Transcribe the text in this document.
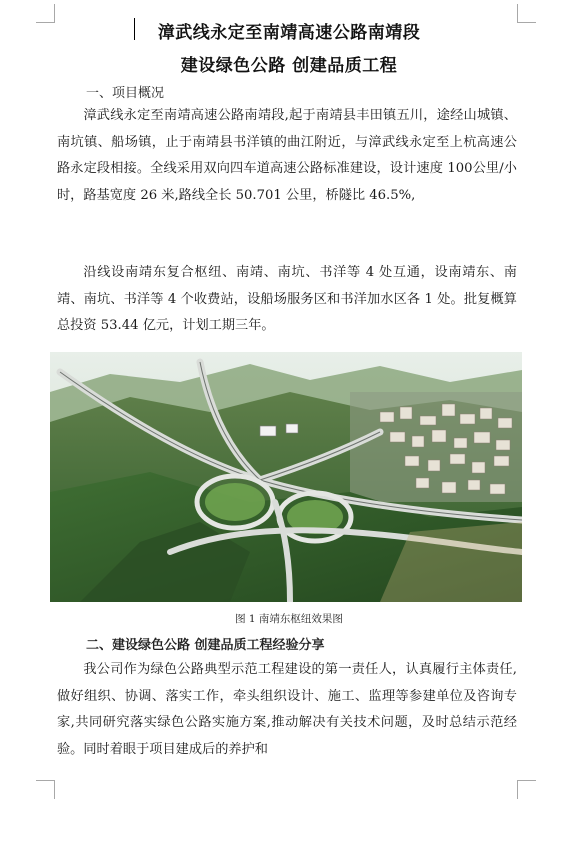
漳武线永定至南靖高速公路南靖段
建设绿色公路 创建品质工程
一、项目概况

漳武线永定至南靖高速公路南靖段,起于南靖县丰田镇五川，途经山城镇、南坑镇、船场镇，止于南靖县书洋镇的曲江附近，与漳武线永定至上杭高速公路永定段相接。全线采用双向四车道高速公路标准建设，设计速度 100公里/小时，路基宽度 26 米,路线全长 50.701 公里，桥隧比 46.5%,

沿线设南靖东复合枢纽、南靖、南坑、书洋等 4 处互通，设南靖东、南靖、南坑、书洋等 4 个收费站，设船场服务区和书洋加水区各 1 处。批复概算总投资 53.44 亿元，计划工期三年。

图 1 南靖东枢纽效果图
二、建设绿色公路 创建品质工程经验分享

我公司作为绿色公路典型示范工程建设的第一责任人，认真履行主体责任,做好组织、协调、落实工作，牵头组织设计、施工、监理等参建单位及咨询专家,共同研究落实绿色公路实施方案,推动解决有关技术问题，及时总结示范经验。同时着眼于项目建成后的养护和
